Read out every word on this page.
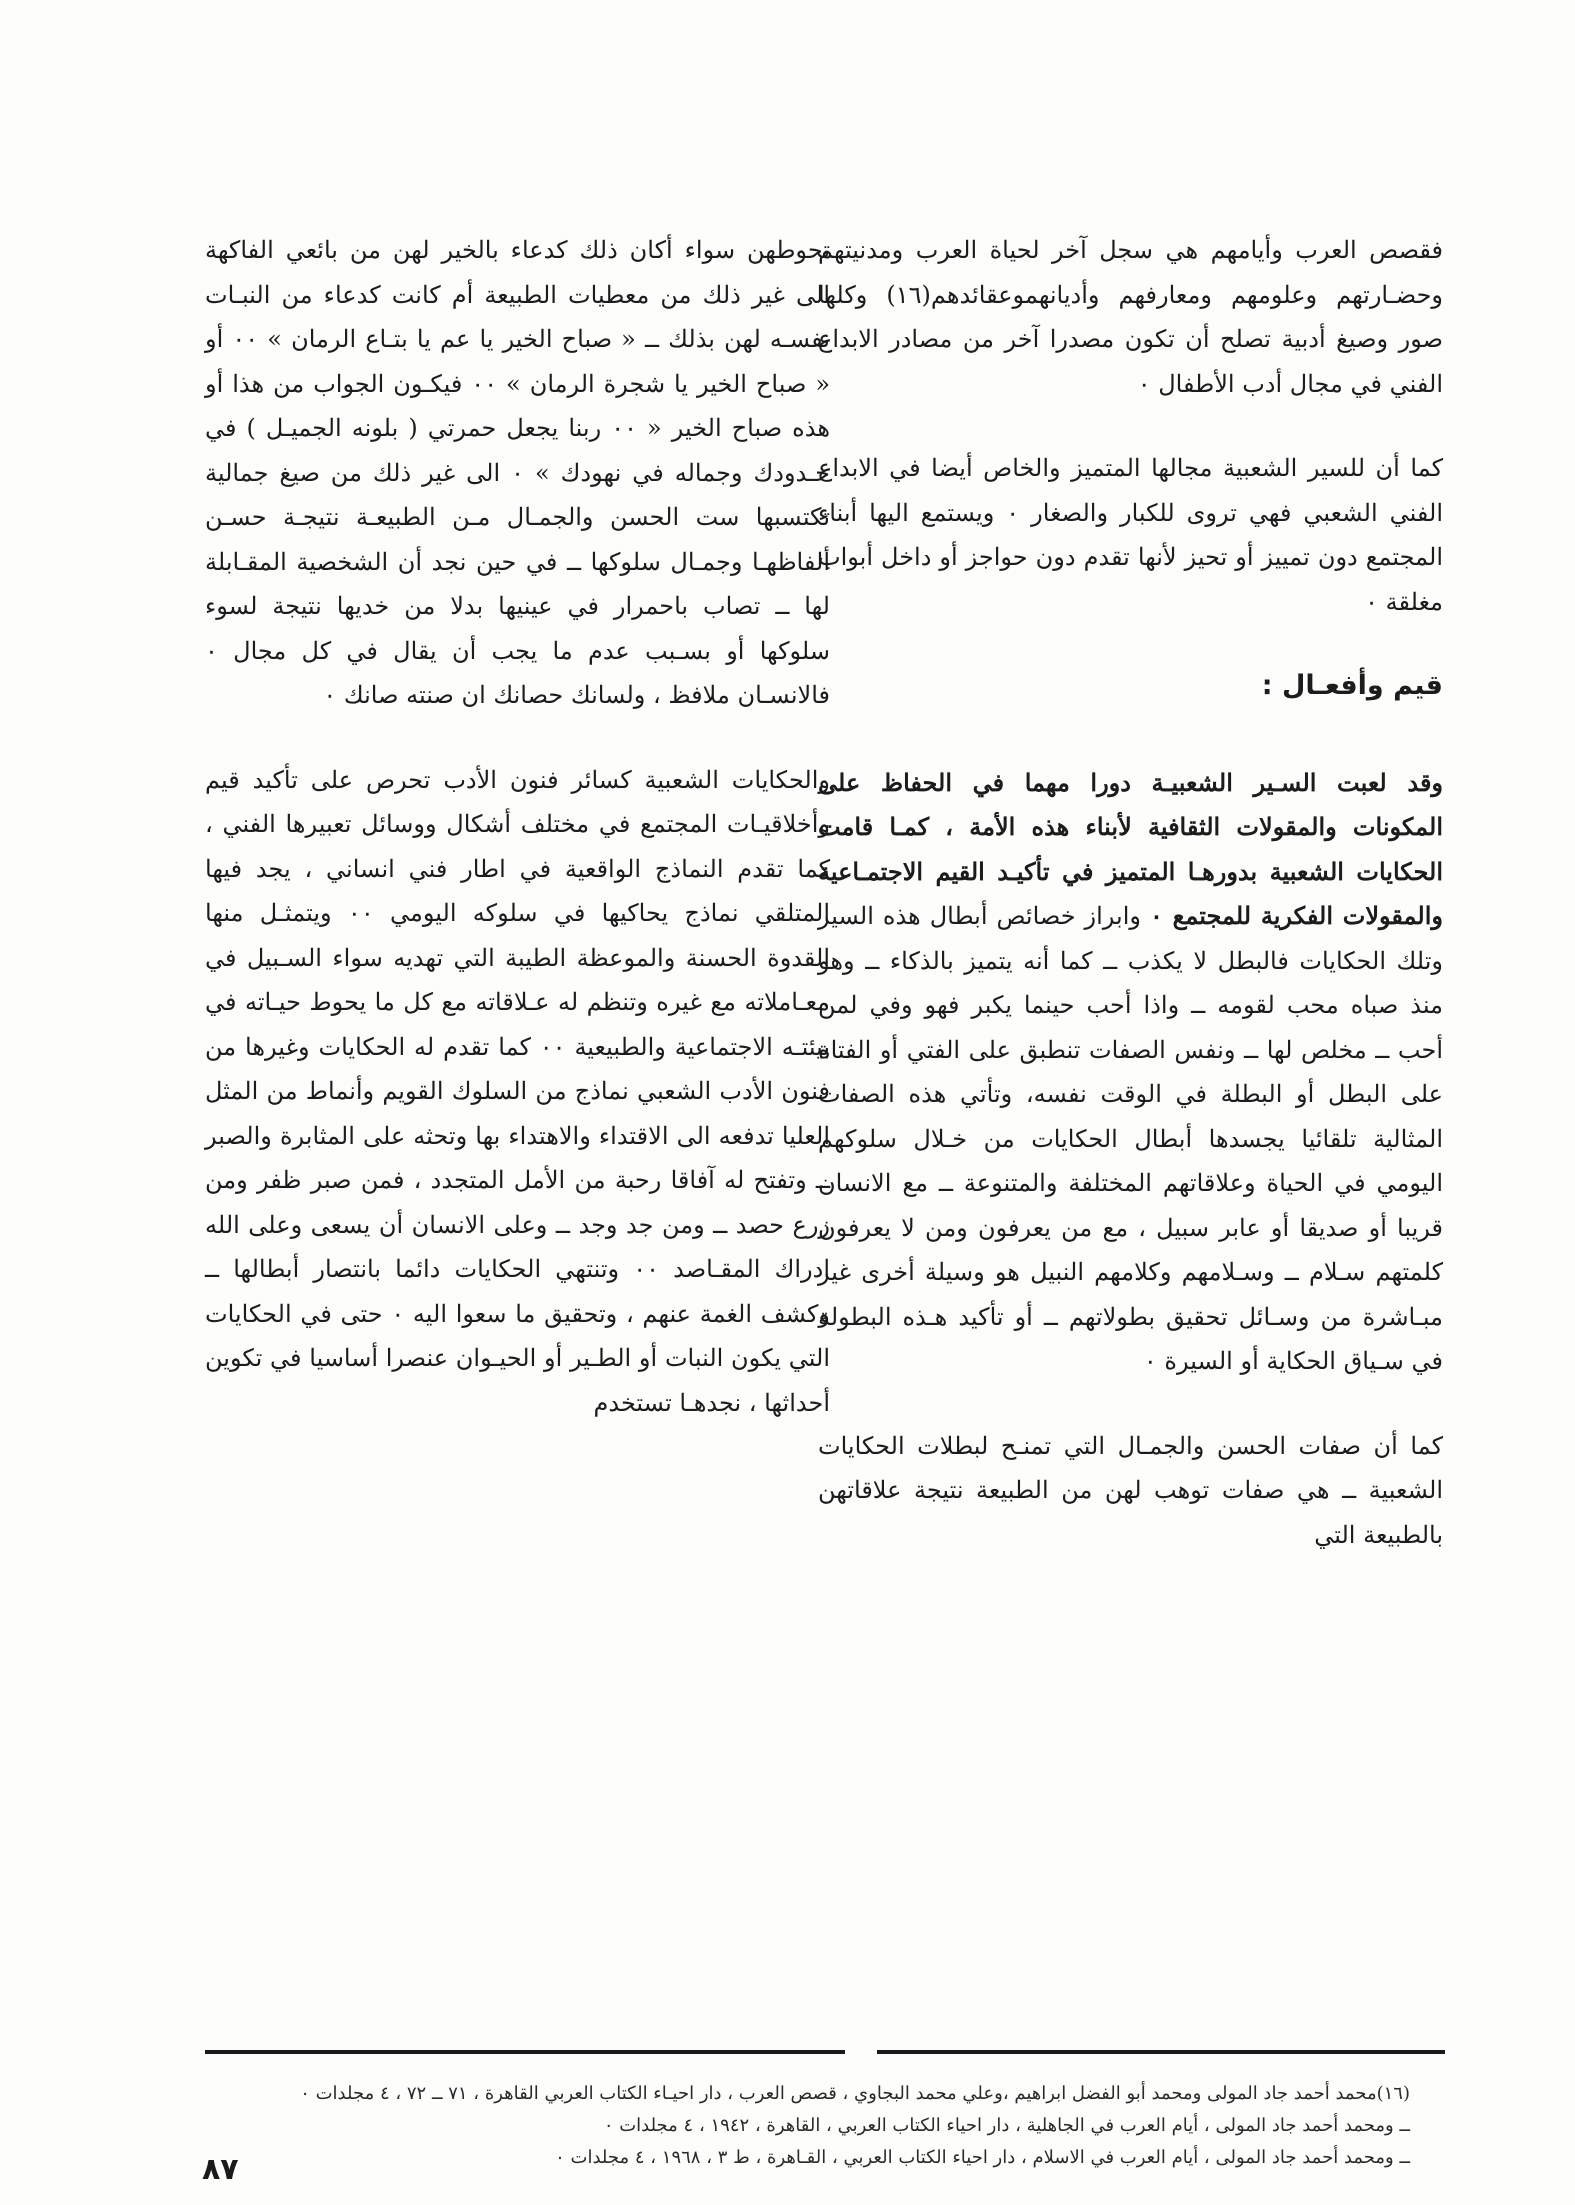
فقصص العرب وأيامهم هي سجل آخر لحياة العرب ومدنيتهم وحضـارتهم وعلومهم ومعارفهم وأديانهموعقائدهم(١٦) وكلها صور وصيغ أدبية تصلح أن تكون مصدرا آخر من مصادر الابداع الفني في مجال أدب الأطفال ٠

كما أن للسير الشعبية مجالها المتميز والخاص أيضا في الابداع الفني الشعبي فهي تروى للكبار والصغار ٠ ويستمع اليها أبناء المجتمع دون تمييز أو تحيز لأنها تقدم دون حواجز أو داخل أبواب مغلقة ٠

قيم وأفعـال :

وقد لعبت السـير الشعبيـة دورا مهما في الحفاظ على المكونات والمقولات الثقافية لأبناء هذه الأمة ، كمـا قامت الحكايات الشعبية بدورهـا المتميز في تأكيـد القيم الاجتمـاعية والمقولات الفكرية للمجتمع ٠ وابراز خصائص أبطال هذه السير وتلك الحكايات فالبطل لا يكذب ــ كما أنه يتميز بالذكاء ــ وهو منذ صباه محب لقومه ــ واذا أحب حينما يكبر فهو وفي لمن أحب ــ مخلص لها ــ ونفس الصفات تنطبق على الفتي أو الفتاة على البطل أو البطلة في الوقت نفسه، وتأتي هذه الصفات المثالية تلقائيا يجسدها أبطال الحكايات من خـلال سلوكهم اليومي في الحياة وعلاقاتهم المختلفة والمتنوعة ــ مع الانسان قريبا أو صديقا أو عابر سبيل ، مع من يعرفون ومن لا يعرفون كلمتهم سـلام ــ وسـلامهم وكلامهم النبيل هو وسيلة أخرى غير مبـاشرة من وسـائل تحقيق بطولاتهم ــ أو تأكيد هـذه البطولة في سـياق الحكاية أو السيرة ٠

كما أن صفات الحسن والجمـال التي تمنـح لبطلات الحكايات الشعبية ــ هي صفات توهب لهن من الطبيعة نتيجة علاقاتهن بالطبيعة التي

تحوطهن سواء أكان ذلك كدعاء بالخير لهن من بائعي الفاكهة الى غير ذلك من معطيات الطبيعة أم كانت كدعاء من النبـات نفسـه لهن بذلك ــ « صباح الخير يا عم يا بتـاع الرمان » ٠٠ أو « صباح الخير يا شجرة الرمان » ٠٠ فيكـون الجواب من هذا أو هذه صباح الخير « ٠٠ ربنا يجعل حمرتي ( بلونه الجميـل ) في خـدودك وجماله في نهودك » ٠ الى غير ذلك من صيغ جمالية تكتسبها ست الحسن والجمـال مـن الطبيعـة نتيجـة حسـن ألفاظهـا وجمـال سلوكها ــ في حين نجد أن الشخصية المقـابلة لها ــ تصاب باحمرار في عينيها بدلا من خديها نتيجة لسوء سلوكها أو بسـبب عدم ما يجب أن يقال في كل مجال ٠ فالانسـان ملافظ ، ولسانك حصانك ان صنته صانك ٠

والحكايات الشعبية كسائر فنون الأدب تحرص على تأكيد قيم وأخلاقيـات المجتمع في مختلف أشكال ووسائل تعبيرها الفني ، كما تقدم النماذج الواقعية في اطار فني انساني ، يجد فيها المتلقي نماذج يحاكيها في سلوكه اليومي ٠٠ ويتمثـل منها القدوة الحسنة والموعظة الطيبة التي تهديه سواء السـبيل في معـاملاته مع غيره وتنظم له عـلاقاته مع كل ما يحوط حيـاته في بيئتـه الاجتماعية والطبيعية ٠٠ كما تقدم له الحكايات وغيرها من فنون الأدب الشعبي نماذج من السلوك القويم وأنماط من المثل العليا تدفعه الى الاقتداء والاهتداء بها وتحثه على المثابرة والصبر ــ وتفتح له آفاقا رحبة من الأمل المتجدد ، فمن صبر ظفر ومن زرع حصد ــ ومن جد وجد ــ وعلى الانسان أن يسعى وعلى الله ادراك المقـاصد ٠٠ وتنتهي الحكايات دائما بانتصار أبطالها ــ وكشف الغمة عنهم ، وتحقيق ما سعوا اليه ٠ حتى في الحكايات التي يكون النبات أو الطـير أو الحيـوان عنصرا أساسيا في تكوين أحداثها ، نجدهـا تستخدم

(١٦)محمد أحمد جاد المولى ومحمد أبو الفضل ابراهيم ،وعلي محمد البجاوي ، قصص العرب ، دار احيـاء الكتاب العربي القاهرة ، ٧١ ــ ٧٢ ، ٤ مجلدات ٠

ــ ومحمد أحمد جاد المولى ، أيام العرب في الجاهلية ، دار احياء الكتاب العربي ، القاهرة ، ١٩٤٢ ، ٤ مجلدات ٠

ــ ومحمد أحمد جاد المولى ، أيام العرب في الاسلام ، دار احياء الكتاب العربي ، القـاهرة ، ط ٣ ، ١٩٦٨ ، ٤ مجلدات ٠

٨٧
